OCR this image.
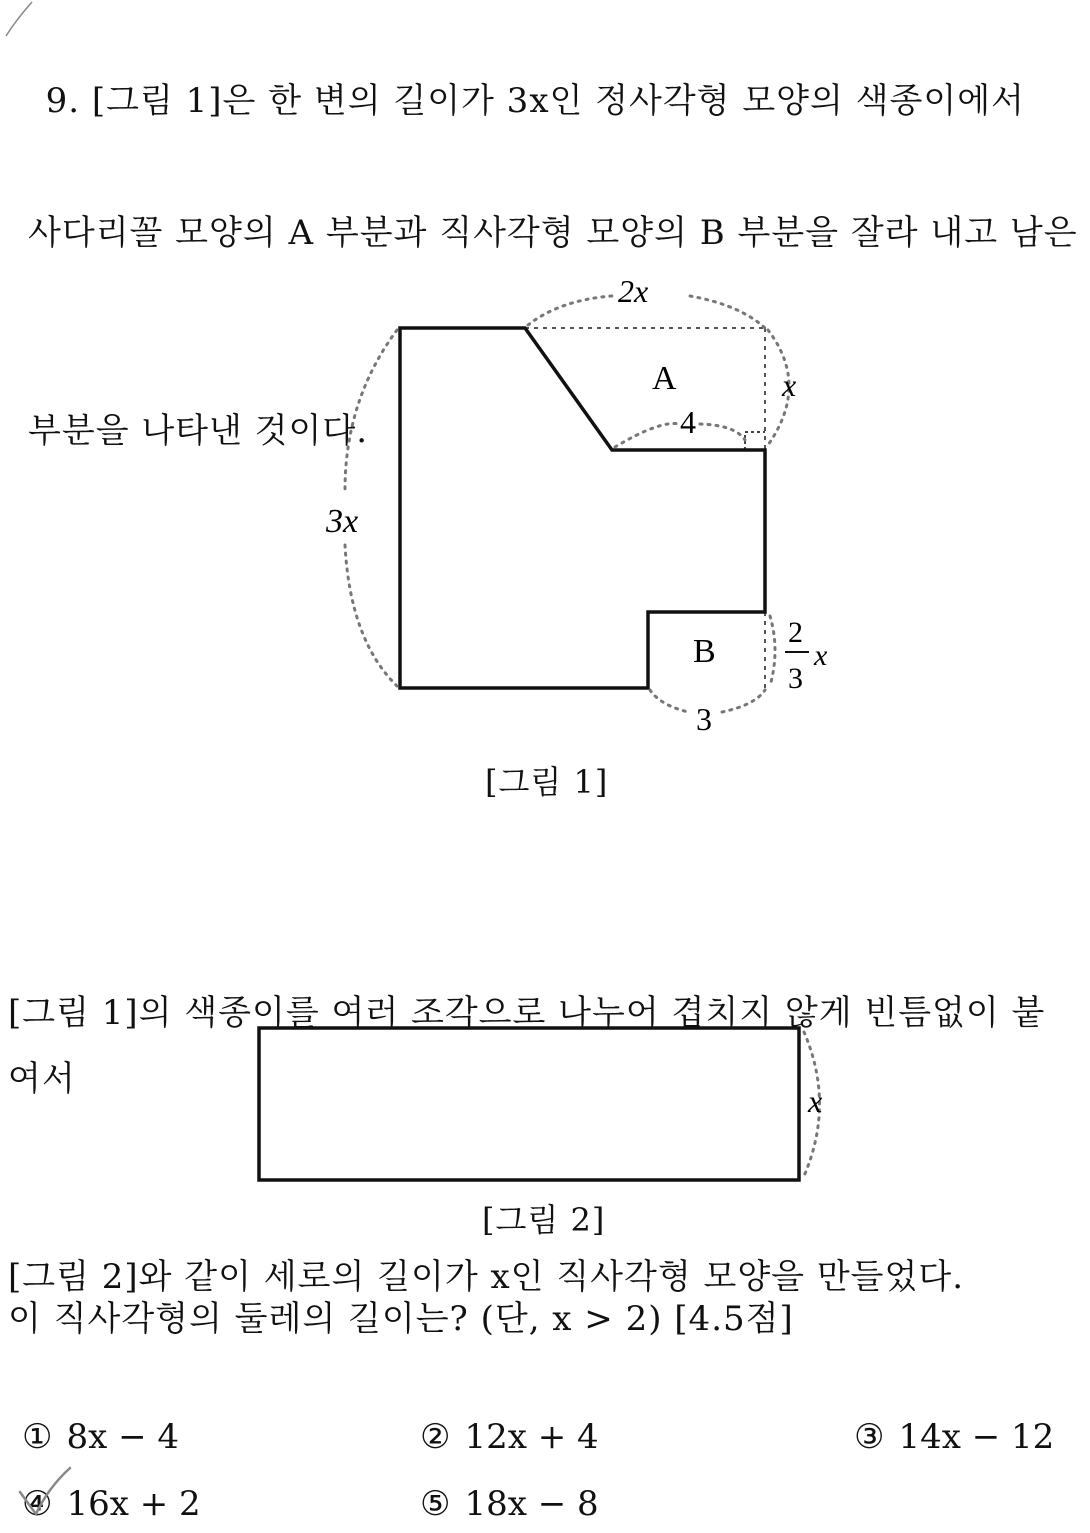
9. [그림 1]은 한 변의 길이가 3x인 정사각형 모양의 색종이에서

사다리꼴 모양의 A 부분과 직사각형 모양의 B 부분을 잘라 내고 남은

부분을 나타낸 것이다.

2x
x
4
3x
A
B
2
3
x
3
[그림 1]

[그림 1]의 색종이를 여러 조각으로 나누어 겹치지 않게 빈틈없이 붙여서

[그림 2]와 같이 세로의 길이가 x인 직사각형 모양을 만들었다.

x
[그림 2]
이 직사각형의 둘레의 길이는? (단, x > 2) [4.5점]
① 8x − 4	② 12x + 4	③ 14x − 12
④ 16x + 2	⑤ 18x − 8
